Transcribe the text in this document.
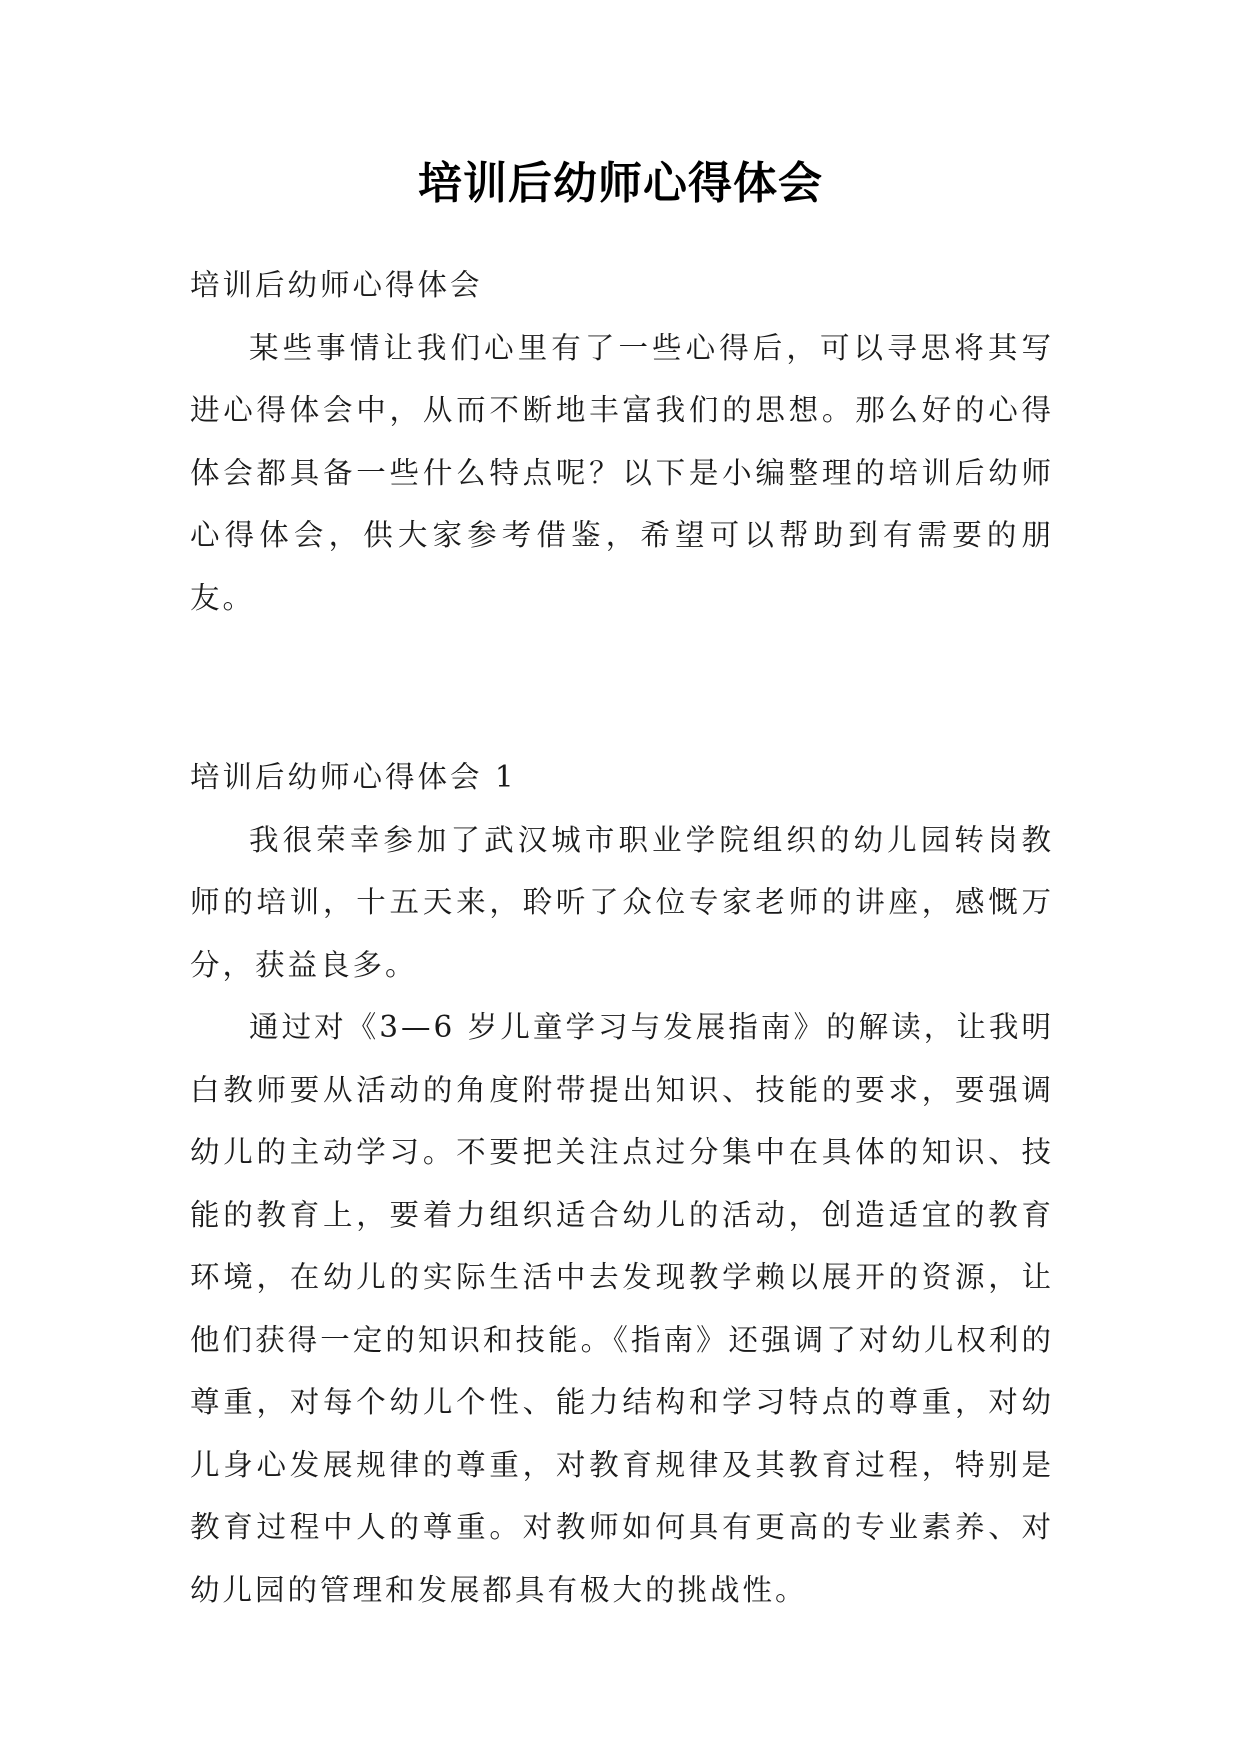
培训后幼师心得体会

培训后幼师心得体会

某些事情让我们心里有了一些心得后，可以寻思将其写进心得体会中，从而不断地丰富我们的思想。那么好的心得体会都具备一些什么特点呢？以下是小编整理的培训后幼师心得体会，供大家参考借鉴，希望可以帮助到有需要的朋友。

培训后幼师心得体会 1

我很荣幸参加了武汉城市职业学院组织的幼儿园转岗教师的培训，十五天来，聆听了众位专家老师的讲座，感慨万分，获益良多。

通过对《3—6 岁儿童学习与发展指南》的解读，让我明白教师要从活动的角度附带提出知识、技能的要求，要强调幼儿的主动学习。不要把关注点过分集中在具体的知识、技能的教育上，要着力组织适合幼儿的活动，创造适宜的教育环境，在幼儿的实际生活中去发现教学赖以展开的资源，让他们获得一定的知识和技能。《指南》还强调了对幼儿权利的尊重，对每个幼儿个性、能力结构和学习特点的尊重，对幼儿身心发展规律的尊重，对教育规律及其教育过程，特别是教育过程中人的尊重。对教师如何具有更高的专业素养、对幼儿园的管理和发展都具有极大的挑战性。
